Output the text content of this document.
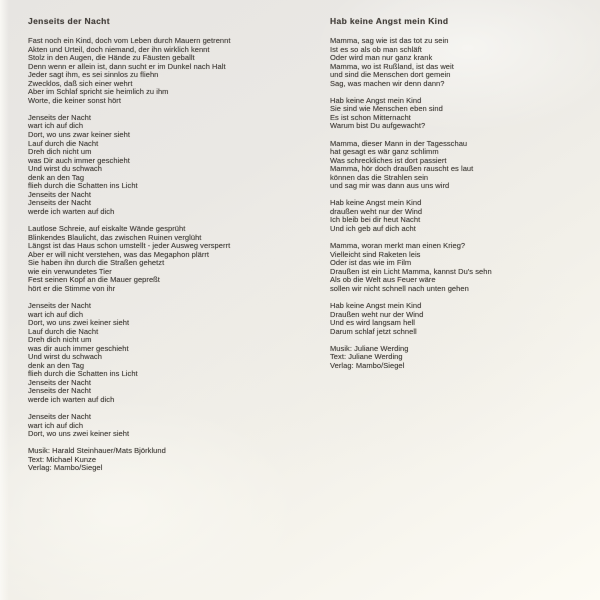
Jenseits der Nacht
Fast noch ein Kind, doch vom Leben durch Mauern getrennt
Akten und Urteil, doch niemand, der ihn wirklich kennt
Stolz in den Augen, die Hände zu Fäusten geballt
Denn wenn er allein ist, dann sucht er im Dunkel nach Halt
Jeder sagt ihm, es sei sinnlos zu fliehn
Zwecklos, daß sich einer wehrt
Aber im Schlaf spricht sie heimlich zu ihm
Worte, die keiner sonst hört
Jenseits der Nacht
wart ich auf dich
Dort, wo uns zwar keiner sieht
Lauf durch die Nacht
Dreh dich nicht um
was Dir auch immer geschieht
Und wirst du schwach
denk an den Tag
flieh durch die Schatten ins Licht
Jenseits der Nacht
Jenseits der Nacht
werde ich warten auf dich
Lautlose Schreie, auf eiskalte Wände gesprüht
Blinkendes Blaulicht, das zwischen Ruinen verglüht
Längst ist das Haus schon umstellt - jeder Ausweg versperrt
Aber er will nicht verstehen, was das Megaphon plärrt
Sie haben ihn durch die Straßen gehetzt
wie ein verwundetes Tier
Fest seinen Kopf an die Mauer gepreßt
hört er die Stimme von ihr
Jenseits der Nacht
wart ich auf dich
Dort, wo uns zwei keiner sieht
Lauf durch die Nacht
Dreh dich nicht um
was dir auch immer geschieht
Und wirst du schwach
denk an den Tag
flieh durch die Schatten ins Licht
Jenseits der Nacht
Jenseits der Nacht
werde ich warten auf dich
Jenseits der Nacht
wart ich auf dich
Dort, wo uns zwei keiner sieht
Musik: Harald Steinhauer/Mats Björklund
Text: Michael Kunze
Verlag: Mambo/Siegel
Hab keine Angst mein Kind
Mamma, sag wie ist das tot zu sein
Ist es so als ob man schläft
Oder wird man nur ganz krank
Mamma, wo ist Rußland, ist das weit
und sind die Menschen dort gemein
Sag, was machen wir denn dann?
Hab keine Angst mein Kind
Sie sind wie Menschen eben sind
Es ist schon Mitternacht
Warum bist Du aufgewacht?
Mamma, dieser Mann in der Tagesschau
hat gesagt es wär ganz schlimm
Was schreckliches ist dort passiert
Mamma, hör doch draußen rauscht es laut
können das die Strahlen sein
und sag mir was dann aus uns wird
Hab keine Angst mein Kind
draußen weht nur der Wind
Ich bleib bei dir heut Nacht
Und ich geb auf dich acht
Mamma, woran merkt man einen Krieg?
Vielleicht sind Raketen leis
Oder ist das wie im Film
Draußen ist ein Licht Mamma, kannst Du's sehn
Als ob die Welt aus Feuer wäre
sollen wir nicht schnell nach unten gehen
Hab keine Angst mein Kind
Draußen weht nur der Wind
Und es wird langsam hell
Darum schlaf jetzt schnell
Musik: Juliane Werding
Text: Juliane Werding
Verlag: Mambo/Siegel
